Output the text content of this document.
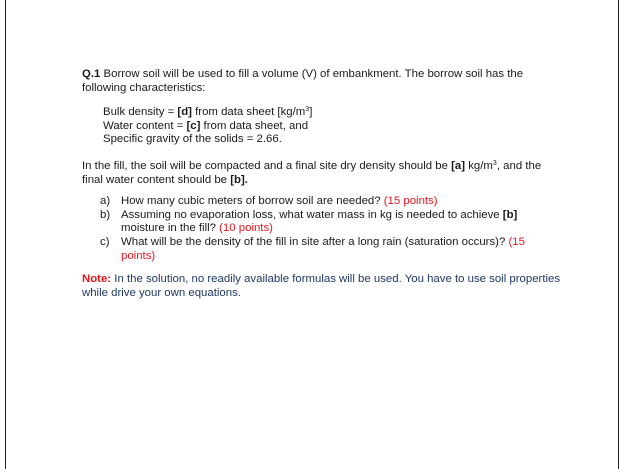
Q.1 Borrow soil will be used to fill a volume (V) of embankment. The borrow soil has the following characteristics:

Bulk density = [d] from data sheet $[kg/m^3]$

Water content = [c] from data sheet, and

Specific gravity of the solids = 2.66.

In the fill, the soil will be compacted and a final site dry density should be [a] $kg/m^3$, and the final water content should be [b].

a) How many cubic meters of borrow soil are needed? (15 points)
b) Assuming no evaporation loss, what water mass in kg is needed to achieve [b] moisture in the fill? (10 points)
c) What will be the density of the fill in site after a long rain (saturation occurs)? (15 points)

Note: In the solution, no readily available formulas will be used. You have to use soil properties while drive your own equations.
